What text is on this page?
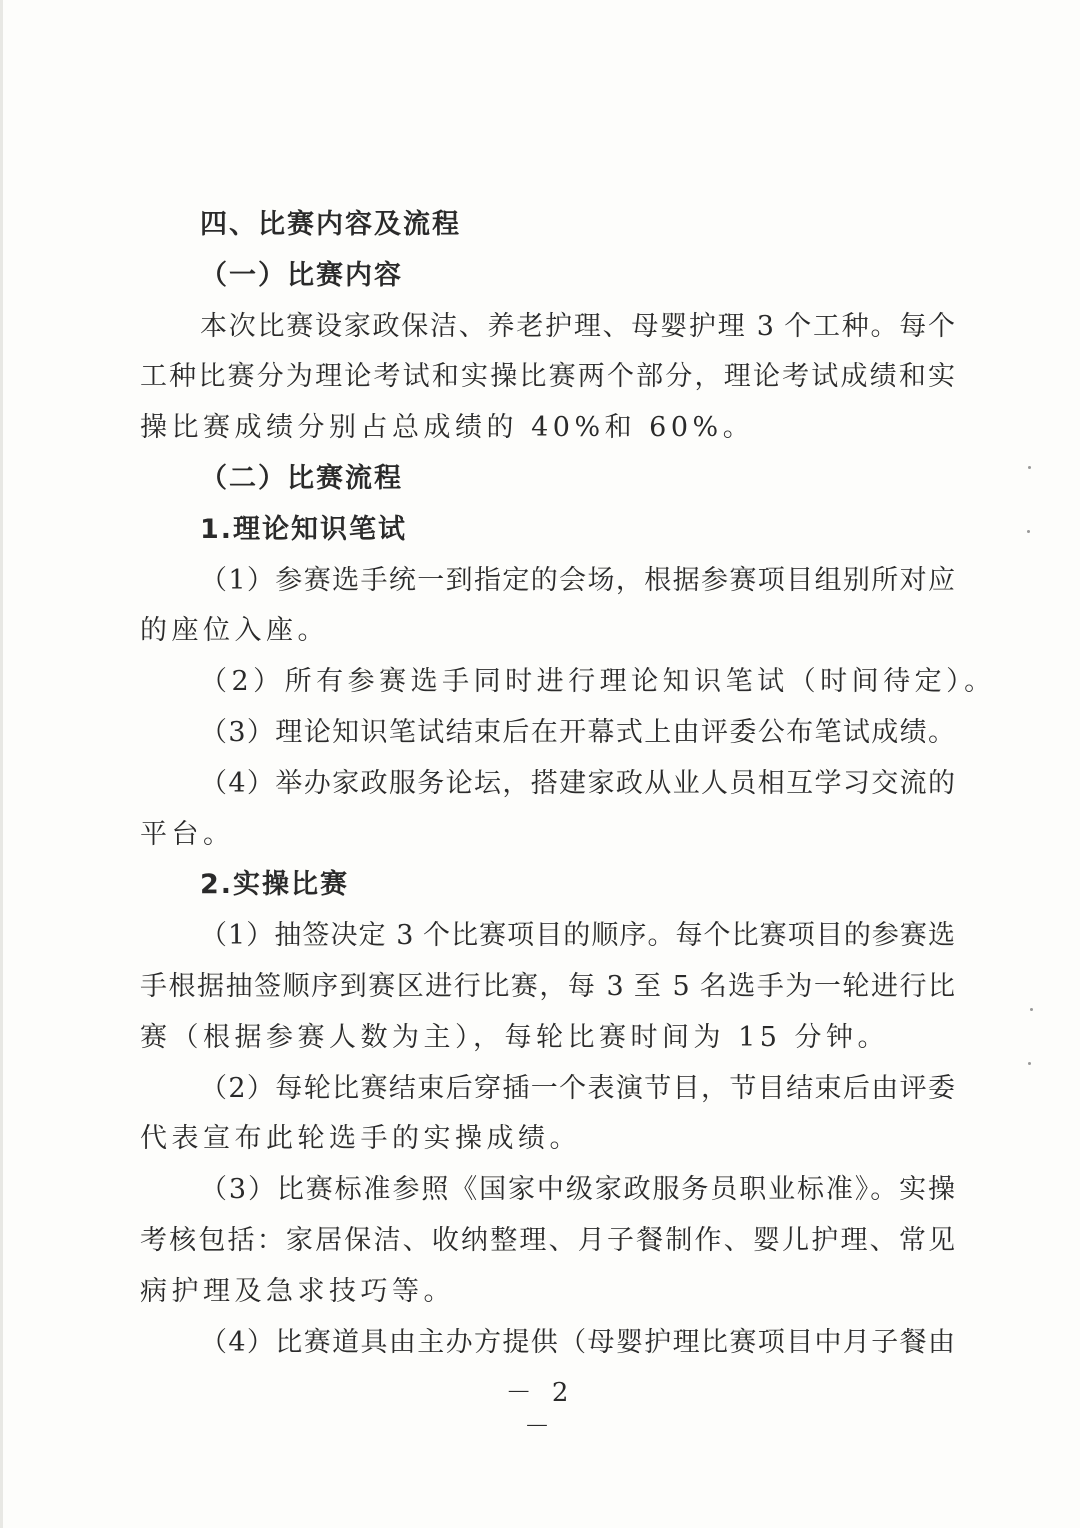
四、比赛内容及流程
（一）比赛内容
本次比赛设家政保洁、养老护理、母婴护理 3 个工种。每个
工种比赛分为理论考试和实操比赛两个部分，理论考试成绩和实
操比赛成绩分别占总成绩的 40%和 60%。
（二）比赛流程
1.理论知识笔试
（1）参赛选手统一到指定的会场，根据参赛项目组别所对应
的座位入座。
（2）所有参赛选手同时进行理论知识笔试（时间待定）。
（3）理论知识笔试结束后在开幕式上由评委公布笔试成绩。
（4）举办家政服务论坛，搭建家政从业人员相互学习交流的
平台。
2.实操比赛
（1）抽签决定 3 个比赛项目的顺序。每个比赛项目的参赛选
手根据抽签顺序到赛区进行比赛，每 3 至 5 名选手为一轮进行比
赛（根据参赛人数为主），每轮比赛时间为 15 分钟。
（2）每轮比赛结束后穿插一个表演节目，节目结束后由评委
代表宣布此轮选手的实操成绩。
（3）比赛标准参照《国家中级家政服务员职业标准》。实操
考核包括：家居保洁、收纳整理、月子餐制作、婴儿护理、常见
病护理及急求技巧等。
（4）比赛道具由主办方提供（母婴护理比赛项目中月子餐由
－ 2 －
